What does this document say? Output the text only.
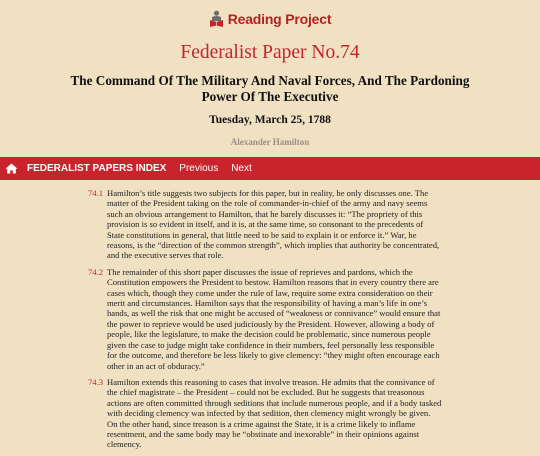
Reading Project
Federalist Paper No.74
The Command Of The Military And Naval Forces, And The Pardoning Power Of The Executive
Tuesday, March 25, 1788
Alexander Hamilton
FEDERALIST PAPERS INDEX Previous Next
74.1 Hamilton’s title suggests two subjects for this paper, but in reality, he only discusses one. The matter of the President taking on the role of commander-in-chief of the army and navy seems such an obvious arrangement to Hamilton, that he barely discusses it: “The propriety of this provision is so evident in itself, and it is, at the same time, so consonant to the precedents of State constitutions in general, that little need to be said to explain it or enforce it.” War, he reasons, is the “direction of the common strength”, which implies that authority be concentrated, and the executive serves that role.

74.2 The remainder of this short paper discusses the issue of reprieves and pardons, which the Constitution empowers the President to bestow. Hamilton reasons that in every country there are cases which, though they come under the rule of law, require some extra consideration on their merit and circumstances. Hamilton says that the responsibility of having a man’s life in one’s hands, as well the risk that one might be accused of “weakness or connivance” would ensure that the power to reprieve would be used judiciously by the President. However, allowing a body of people, like the legislature, to make the decision could be problematic, since numerous people given the case to judge might take confidence in their numbers, feel personally less responsible for the outcome, and therefore be less likely to give clemency: “they might often encourage each other in an act of obduracy.”

74.3 Hamilton extends this reasoning to cases that involve treason. He admits that the connivance of the chief magistrate – the President – could not be excluded. But he suggests that treasonous actions are often committed through seditions that include numerous people, and if a body tasked with deciding clemency was infected by that sedition, then clemency might wrongly be given. On the other hand, since treason is a crime against the State, it is a crime likely to inflame resentment, and the same body may be “obstinate and inexorable” in their opinions against clemency.
